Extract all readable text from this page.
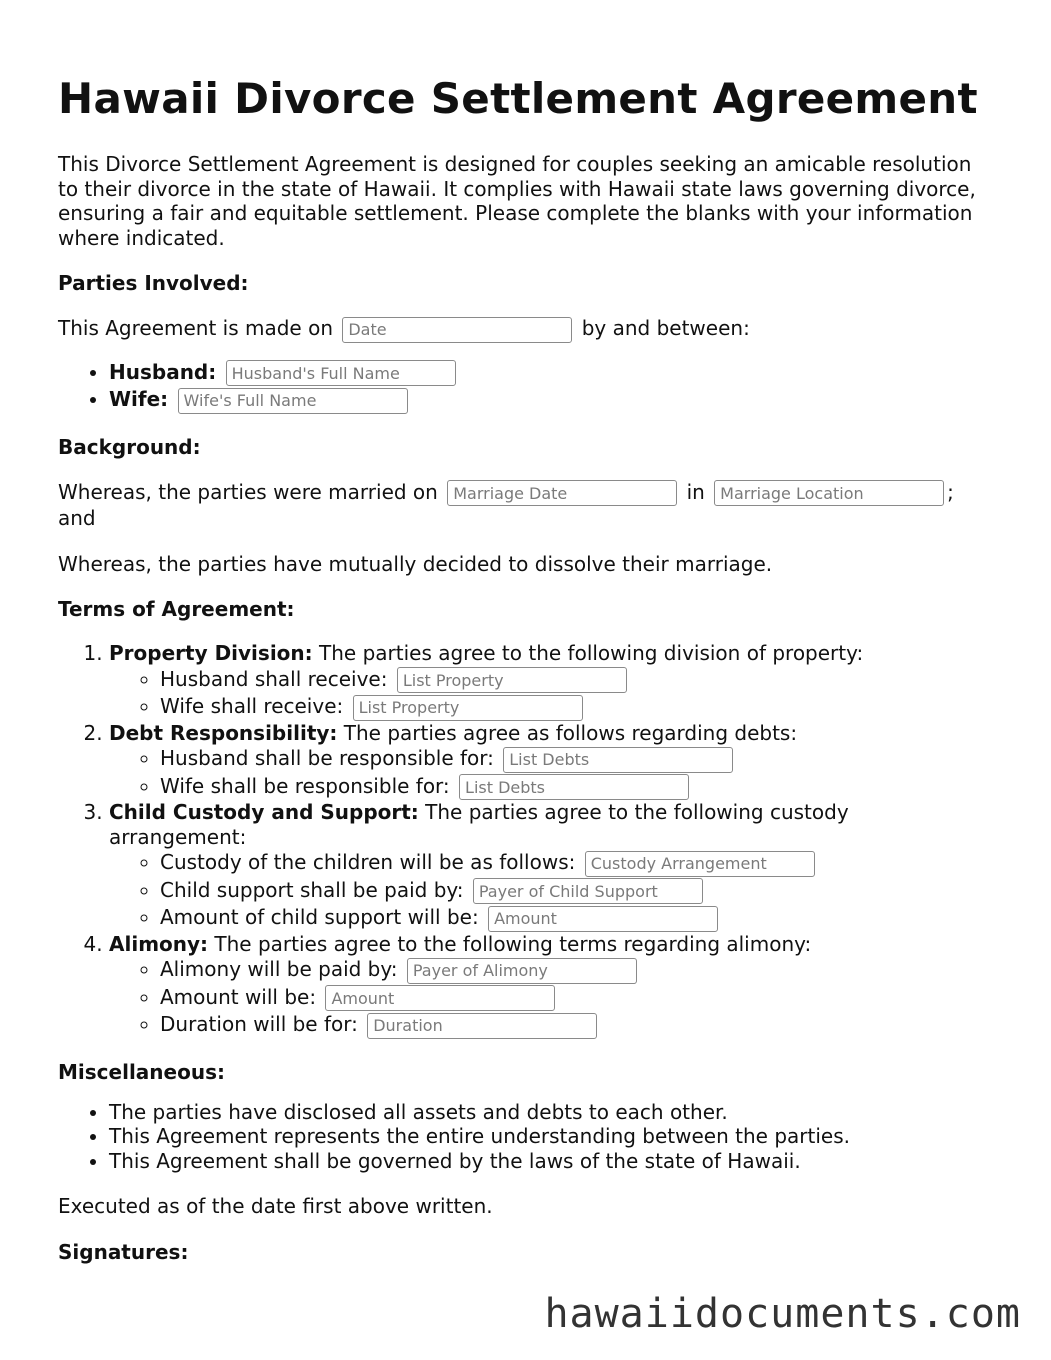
Hawaii Divorce Settlement Agreement

This Divorce Settlement Agreement is designed for couples seeking an amicable resolution to their divorce in the state of Hawaii. It complies with Hawaii state laws governing divorce, ensuring a fair and equitable settlement. Please complete the blanks with your information where indicated.

Parties Involved:

This Agreement is made on Date	by and between:

• Husband: Husband's Full Name
• Wife: Wife's Full Name
Background:

Whereas, the parties were married on Marriage Date	in Marriage Location	; and

Whereas, the parties have mutually decided to dissolve their marriage.

Terms of Agreement:
1. Property Division: The parties agree to the following division of property:
◦ Husband shall receive: List Property
◦ Wife shall receive: List Property
2. Debt Responsibility: The parties agree as follows regarding debts:
◦ Husband shall be responsible for: List Debts
◦ Wife shall be responsible for: List Debts
3. Child Custody and Support: The parties agree to the following custody arrangement:
◦ Custody of the children will be as follows: Custody Arrangement
◦ Child support shall be paid by: Payer of Child Support
◦ Amount of child support will be: Amount
4. Alimony: The parties agree to the following terms regarding alimony:
◦ Alimony will be paid by: Payer of Alimony
◦ Amount will be: Amount
◦ Duration will be for: Duration
Miscellaneous:
• The parties have disclosed all assets and debts to each other.
• This Agreement represents the entire understanding between the parties.
• This Agreement shall be governed by the laws of the state of Hawaii.

Executed as of the date first above written.

Signatures:
hawaiidocuments.com
